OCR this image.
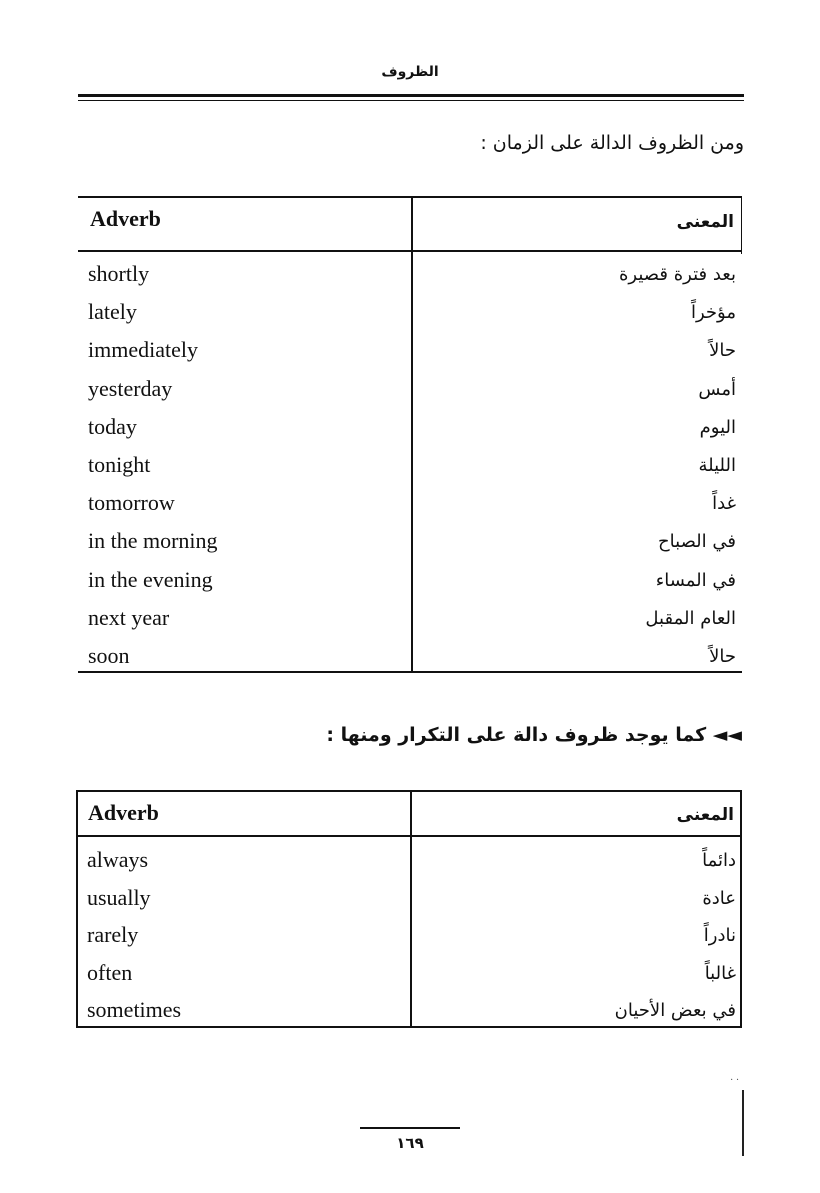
الظروف
ومن الظروف الدالة على الزمان :
Adverb	المعنى
shortly	بعد فترة قصيرة
lately	مؤخراً
immediately	حالاً
yesterday	أمس
today	اليوم
tonight	الليلة
tomorrow	غداً
in the morning	في الصباح
in the evening	في المساء
next year	العام المقبل
soon	حالاً
◄◄ كما يوجد ظروف دالة على التكرار ومنها :
Adverb	المعنى
always	دائماً
usually	عادة
rarely	نادراً
often	غالباً
sometimes	في بعض الأحيان
· ·
١٦٩
